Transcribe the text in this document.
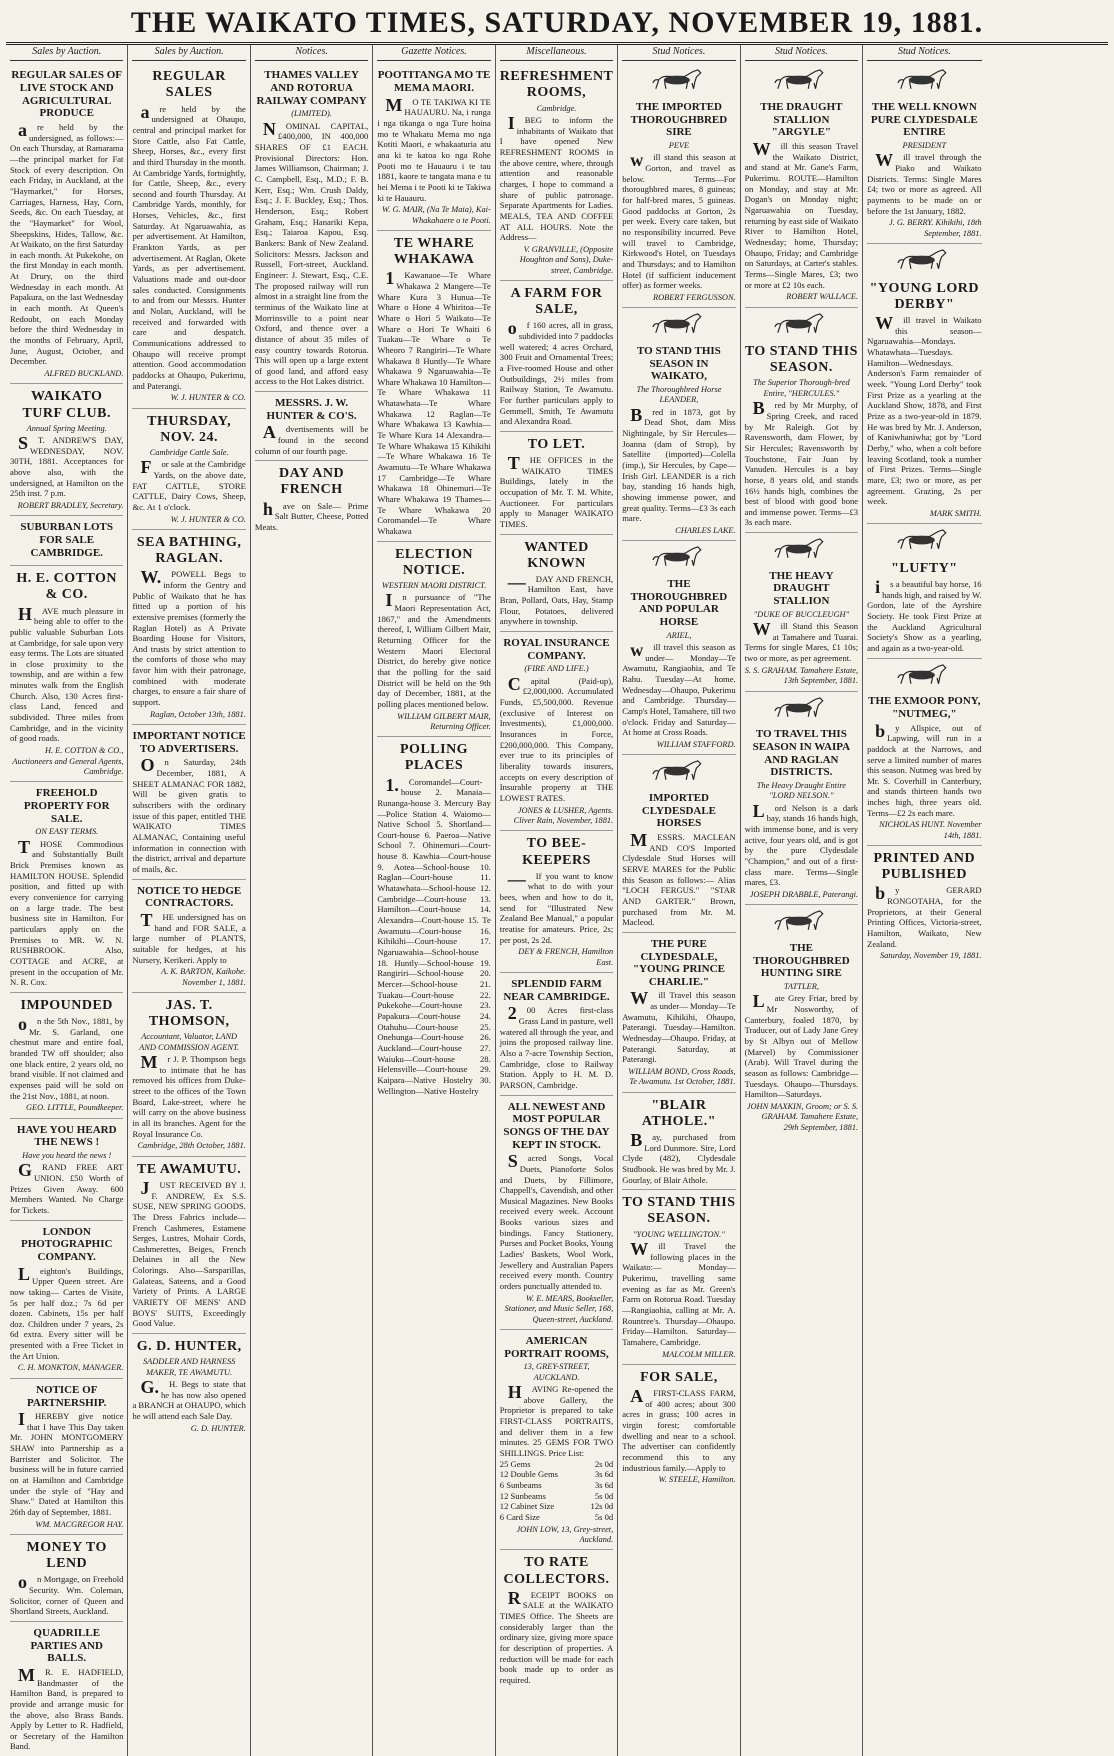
THE WAIKATO TIMES, SATURDAY, NOVEMBER 19, 1881.
Sales by Auction.
REGULAR SALES OF LIVE STOCK AND AGRICULTURAL PRODUCE
are held by the undersigned, as follows:— On each Thursday, at Ramarama—the principal market for Fat Stock of every description. On each Friday, in Auckland, at the "Haymarket," for Horses, Carriages, Harness, Hay, Corn, Seeds, &c. On each Tuesday, at the "Haymarket" for Wool, Sheepskins, Hides, Tallow, &c. At Waikato, on the first Saturday in each month. At Pukekohe, on the first Monday in each month. At Drury, on the third Wednesday in each month. At Papakura, on the last Wednesday in each month. At Queen's Redoubt, on each Monday before the third Wednesday in the months of February, April, June, August, October, and December.
ALFRED BUCKLAND.
WAIKATO TURF CLUB.
Annual Spring Meeting.
ST. ANDREW'S DAY, WEDNESDAY, NOV. 30TH, 1881. Acceptances for above also, with the undersigned, at Hamilton on the 25th inst. 7 p.m.
ROBERT BRADLEY, Secretary.
SUBURBAN LOTS FOR SALE CAMBRIDGE.
H. E. COTTON & CO.
HAVE much pleasure in being able to offer to the public valuable Suburban Lots at Cambridge, for sale upon very easy terms. The Lots are situated in close proximity to the township, and are within a few minutes walk from the English Church. Also, 130 Acres first-class Land, fenced and subdivided. Three miles from Cambridge, and in the vicinity of good roads.
H. E. COTTON & CO., Auctioneers and General Agents, Cambridge.
FREEHOLD PROPERTY FOR SALE.
ON EASY TERMS.
THOSE Commodious and Substantially Built Brick Premises known as HAMILTON HOUSE. Splendid position, and fitted up with every convenience for carrying on a large trade. The best business site in Hamilton. For particulars apply on the Premises to MR. W. N. RUSHBROOK. Also, COTTAGE and ACRE, at present in the occupation of Mr. N. R. Cox.
IMPOUNDED
on the 5th Nov., 1881, by Mr. S. Garland, one chestnut mare and entire foal, branded TW off shoulder; also one black entire, 2 years old, no brand visible. If not claimed and expenses paid will be sold on the 21st Nov., 1881, at noon.
GEO. LITTLE, Poundkeeper.
HAVE YOU HEARD THE NEWS !
Have you heard the news !
GRAND FREE ART UNION. £50 Worth of Prizes Given Away. 600 Members Wanted. No Charge for Tickets.
LONDON PHOTOGRAPHIC COMPANY.
Leighton's Buildings, Upper Queen street. Are now taking— Cartes de Visite, 5s per half doz.; 7s 6d per dozen. Cabinets, 15s per half doz. Children under 7 years, 2s 6d extra. Every sitter will be presented with a Free Ticket in the Art Union.
C. H. MONKTON, MANAGER.
NOTICE OF PARTNERSHIP.
IHEREBY give notice that I have This Day taken Mr. JOHN MONTGOMERY SHAW into Partnership as a Barrister and Solicitor. The business will be in future carried on at Hamilton and Cambridge under the style of "Hay and Shaw." Dated at Hamilton this 26th day of September, 1881.
WM. MACGREGOR HAY.
MONEY TO LEND
on Mortgage, on Freehold Security. Wm. Coleman, Solicitor, corner of Queen and Shortland Streets, Auckland.
QUADRILLE PARTIES AND BALLS.
MR. E. HADFIELD, Bandmaster of the Hamilton Band, is prepared to provide and arrange music for the above, also Brass Bands. Apply by Letter to R. Hadfield, or Secretary of the Hamilton Band.
Sales by Auction.
REGULAR SALES
are held by the undersigned at Ohaupo, central and principal market for Store Cattle, also Fat Cattle, Sheep, Horses, &c., every first and third Thursday in the month. At Cambridge Yards, fortnightly, for Cattle, Sheep, &c., every second and fourth Thursday. At Cambridge Yards, monthly, for Horses, Vehicles, &c., first Saturday. At Ngaruawahia, as per advertisement. At Hamilton, Frankton Yards, as per advertisement. At Raglan, Okete Yards, as per advertisement. Valuations made and out-door sales conducted. Consignments to and from our Messrs. Hunter and Nolan, Auckland, will be received and forwarded with care and despatch. Communications addressed to Ohaupo will receive prompt attention. Good accommodation paddocks at Ohaupo, Pukerimu, and Paterangi.
W. J. HUNTER & CO.
THURSDAY, NOV. 24.
Cambridge Cattle Sale.
For sale at the Cambridge Yards, on the above date, FAT CATTLE, STORE CATTLE, Dairy Cows, Sheep, &c. At 1 o'clock.
W. J. HUNTER & CO.
SEA BATHING, RAGLAN.
W.POWELL Begs to inform the Gentry and Public of Waikato that he has fitted up a portion of his extensive premises (formerly the Raglan Hotel) as A Private Boarding House for Visitors, And trusts by strict attention to the comforts of those who may favor him with their patronage, combined with moderate charges, to ensure a fair share of support.
Raglan, October 13th, 1881.
IMPORTANT NOTICE TO ADVERTISERS.
On Saturday, 24th December, 1881, A SHEET ALMANAC FOR 1882, Will be given gratis to subscribers with the ordinary issue of this paper, entitled THE WAIKATO TIMES ALMANAC, Containing useful information in connection with the district, arrival and departure of mails, &c.
NOTICE TO HEDGE CONTRACTORS.
THE undersigned has on hand and FOR SALE, a large number of PLANTS, suitable for hedges, at his Nursery, Kerikeri. Apply to
A. K. BARTON, Kaikohe. November 1, 1881.
JAS. T. THOMSON,
Accountant, Valuator, LAND AND COMMISSION AGENT.
Mr J. P. Thompson begs to intimate that he has removed his offices from Duke-street to the offices of the Town Board, Lake-street, where he will carry on the above business in all its branches. Agent for the Royal Insurance Co.
Cambridge, 28th October, 1881.
TE AWAMUTU.
JUST RECEIVED BY J. F. ANDREW, Ex S.S. SUSE, NEW SPRING GOODS. The Dress Fabrics include—French Cashmeres, Estamene Serges, Lustres, Mohair Cords, Cashmerettes, Beiges, French Delaines in all the New Colorings. Also—Sarsparillas, Galateas, Sateens, and a Good Variety of Prints. A LARGE VARIETY OF MENS' AND BOYS' SUITS, Exceedingly Good Value.
G. D. HUNTER,
SADDLER AND HARNESS MAKER, TE AWAMUTU.
G.H. Begs to state that he has now also opened a BRANCH at OHAUPO, which he will attend each Sale Day.
G. D. HUNTER.
Notices.
THAMES VALLEY AND ROTORUA RAILWAY COMPANY
(LIMITED).
NOMINAL CAPITAL, £400,000, IN 400,000 SHARES OF £1 EACH. Provisional Directors: Hon. James Williamson, Chairman; J. C. Campbell, Esq., M.D.; F. B. Kerr, Esq.; Wm. Crush Daldy, Esq.; J. F. Buckley, Esq.; Thos. Henderson, Esq.; Robert Graham, Esq.; Hanariki Kepa, Esq.; Taiaroa Kapou, Esq. Bankers: Bank of New Zealand. Solicitors: Messrs. Jackson and Russell, Fort-street, Auckland. Engineer: J. Stewart, Esq., C.E. The proposed railway will run almost in a straight line from the terminus of the Waikato line at Morrinsville to a point near Oxford, and thence over a distance of about 35 miles of easy country towards Rotorua. This will open up a large extent of good land, and afford easy access to the Hot Lakes district.
MESSRS. J. W. HUNTER & CO'S.
Advertisements will be found in the second column of our fourth page.
DAY AND FRENCH
have on Sale— Prime Salt Butter, Cheese, Potted Meats.
Gazette Notices.
POOTITANGA MO TE MEMA MAORI.
MO TE TAKIWA KI TE HAUAURU. Na, i runga i nga tikanga o nga Ture hoina mo te Whakatu Mema mo nga Kotiti Maori, e whakaaturia atu ana ki te katoa ko nga Rohe Pooti mo te Hauauru i te tau 1881, kaore te tangata mana e tu hei Mema i te Pooti ki te Takiwa ki te Hauauru.
W. G. MAIR, (Na Te Maia), Kai-Whakahaere o te Pooti.
TE WHARE WHAKAWA
1Kawanaoe—Te Whare Whakawa 2 Mangere—Te Whare Kura 3 Hunua—Te Whare o Hone 4 Whiritoa—Te Whare o Hori 5 Waikato—Te Whare o Hori Te Whaiti 6 Tuakau—Te Whare o Te Wheoro 7 Rangiriri—Te Whare Whakawa 8 Huntly—Te Whare Whakawa 9 Ngaruawahia—Te Whare Whakawa 10 Hamilton—Te Whare Whakawa 11 Whatawhata—Te Whare Whakawa 12 Raglan—Te Whare Whakawa 13 Kawhia—Te Whare Kura 14 Alexandra—Te Whare Whakawa 15 Kihikihi—Te Whare Whakawa 16 Te Awamutu—Te Whare Whakawa 17 Cambridge—Te Whare Whakawa 18 Ohinemuri—Te Whare Whakawa 19 Thames—Te Whare Whakawa 20 Coromandel—Te Whare Whakawa
ELECTION NOTICE.
WESTERN MAORI DISTRICT.
In pursuance of "The Maori Representation Act, 1867," and the Amendments thereof, I, William Gilbert Mair, Returning Officer for the Western Maori Electoral District, do hereby give notice that the polling for the said District will be held on the 9th day of December, 1881, at the polling places mentioned below.
WILLIAM GILBERT MAIR, Returning Officer.
POLLING PLACES
1.Coromandel—Court-house 2. Manaia—Runanga-house 3. Mercury Bay—Police Station 4. Waiomo—Native School 5. Shortland—Court-house 6. Paeroa—Native School 7. Ohinemuri—Court-house 8. Kawhia—Court-house 9. Aotea—School-house 10. Raglan—Court-house 11. Whatawhata—School-house 12. Cambridge—Court-house 13. Hamilton—Court-house 14. Alexandra—Court-house 15. Te Awamutu—Court-house 16. Kihikihi—Court-house 17. Ngaruawahia—School-house 18. Huntly—School-house 19. Rangiriri—School-house 20. Mercer—School-house 21. Tuakau—Court-house 22. Pukekohe—Court-house 23. Papakura—Court-house 24. Otahuhu—Court-house 25. Onehunga—Court-house 26. Auckland—Court-house 27. Waiuku—Court-house 28. Helensville—Court-house 29. Kaipara—Native Hostelry 30. Wellington—Native Hostelry
Miscellaneous.
REFRESHMENT ROOMS,
Cambridge.
IBEG to inform the inhabitants of Waikato that I have opened New REFRESHMENT ROOMS in the above centre, where, through attention and reasonable charges, I hope to command a share of public patronage. Separate Apartments for Ladies. MEALS, TEA AND COFFEE AT ALL HOURS. Note the Address—
V. GRANVILLE, (Opposite Houghton and Sons), Duke-street, Cambridge.
A FARM FOR SALE,
of 160 acres, all in grass, subdivided into 7 paddocks well watered; 4 acres Orchard, 300 Fruit and Ornamental Trees; a Five-roomed House and other Outbuildings, 2½ miles from Railway Station, Te Awamutu. For further particulars apply to Gemmell, Smith, Te Awamutu and Alexandra Road.
TO LET.
THE OFFICES in the WAIKATO TIMES Buildings, lately in the occupation of Mr. T. M. White, Auctioneer. For particulars apply to Manager WAIKATO TIMES.
WANTED KNOWN
—DAY AND FRENCH, Hamilton East, have Bran, Pollard, Oats, Hay, Stamp Flour, Potatoes, delivered anywhere in township.
ROYAL INSURANCE COMPANY.
(FIRE AND LIFE.)
Capital (Paid-up), £2,000,000. Accumulated Funds, £5,500,000. Revenue (exclusive of Interest on Investments), £1,000,000. Insurances in Force, £200,000,000. This Company, ever true to its principles of liberality towards insurers, accepts on every description of Insurable property at THE LOWEST RATES.
JONES & LUSHER, Agents. Cliver Rain, November, 1881.
TO BEE-KEEPERS
—If you want to know what to do with your bees, when and how to do it, send for "Illustrated New Zealand Bee Manual," a popular treatise for amateurs. Price, 2s; per post, 2s 2d.
DEY & FRENCH, Hamilton East.
SPLENDID FARM NEAR CAMBRIDGE.
200 Acres first-class Grass Land in pasture, well watered all through the year, and joins the proposed railway line. Also a 7-acre Township Section, Cambridge, close to Railway Station. Apply to H. M. D. PARSON, Cambridge.
ALL NEWEST AND MOST POPULAR SONGS OF THE DAY KEPT IN STOCK.
Sacred Songs, Vocal Duets, Pianoforte Solos and Duets, by Fillimore, Chappell's, Cavendish, and other Musical Magazines. New Books received every week. Account Books various sizes and bindings. Fancy Stationery, Purses and Pocket Books, Young Ladies' Baskets, Wool Work, Jewellery and Australian Papers received every month. Country orders punctually attended to.
W. E. MEARS, Bookseller, Stationer, and Music Seller, 168, Queen-street, Auckland.
AMERICAN PORTRAIT ROOMS,
13, GREY-STREET, AUCKLAND.
HAVING Re-opened the above Gallery, the Proprietor is prepared to take FIRST-CLASS PORTRAITS, and deliver them in a few minutes. 25 GEMS FOR TWO SHILLINGS. Price List:
25 Gems	2s 0d
12 Double Gems	3s 6d
6 Sunbeams	3s 6d
12 Sunbeams	5s 0d
12 Cabinet Size	12s 0d
6 Card Size	5s 0d
JOHN LOW, 13, Grey-street, Auckland.
TO RATE COLLECTORS.
RECEIPT BOOKS on SALE at the WAIKATO TIMES Office. The Sheets are considerably larger than the ordinary size, giving more space for description of properties. A reduction will be made for each book made up to order as required.
Stud Notices.
THE IMPORTED THOROUGHBRED SIRE
PEVE
will stand this season at Gorton, and travel as below. Terms—For thoroughbred mares, 8 guineas; for half-bred mares, 5 guineas. Good paddocks at Gorton, 2s per week. Every care taken, but no responsibility incurred. Peve will travel to Cambridge, Kirkwood's Hotel, on Tuesdays and Thursdays; and to Hamilton Hotel (if sufficient inducement offer) as former weeks.
ROBERT FERGUSSON.
TO STAND THIS SEASON IN WAIKATO,
The Thoroughbred Horse LEANDER,
Bred in 1873, got by Dead Shot, dam Miss Nightingale, by Sir Hercules—Joanna (dam of Strop), by Satellite (imported)—Colella (imp.), Sir Hercules, by Cape—Irish Girl. LEANDER is a rich bay, standing 16 hands high, showing immense power, and great quality. Terms—£3 3s each mare.
CHARLES LAKE.
THE THOROUGHBRED AND POPULAR HORSE
ARIEL,
will travel this season as under— Monday—Te Awamutu, Rangiaohia, and Te Rahu. Tuesday—At home. Wednesday—Ohaupo, Pukerimu and Cambridge. Thursday—Camp's Hotel, Tamahere, till two o'clock. Friday and Saturday—At home at Cross Roads.
WILLIAM STAFFORD.
IMPORTED CLYDESDALE HORSES
MESSRS. MACLEAN AND CO'S Imported Clydesdale Stud Horses will SERVE MARES for the Public this Season as follows:— Alias "LOCH FERGUS." "STAR AND GARTER." Brown, purchased from Mr. M. Macleod.
THE PURE CLYDESDALE, "YOUNG PRINCE CHARLIE."
Will Travel this season as under— Monday—Te Awamutu, Kihikihi, Ohaupo, Paterangi. Tuesday—Hamilton. Wednesday—Ohaupo. Friday, at Paterangi. Saturday, at Paterangi.
WILLIAM BOND, Cross Roads, Te Awamutu. 1st October, 1881.
"BLAIR ATHOLE."
Bay, purchased from Lord Dunmore. Sire, Lord Clyde (482), Clydesdale Studbook. He was bred by Mr. J. Gourlay, of Blair Athole.
TO STAND THIS SEASON.
"YOUNG WELLINGTON."
Will Travel the following places in the Waikato:— Monday—Pukerimu, travelling same evening as far as Mr. Green's Farm on Rotorua Road. Tuesday—Rangiaohia, calling at Mr. A. Rountree's. Thursday—Ohaupo. Friday—Hamilton. Saturday—Tamahere, Cambridge.
MALCOLM MILLER.
FOR SALE,
AFIRST-CLASS FARM, of 400 acres; about 300 acres in grass; 100 acres in virgin forest; comfortable dwelling and near to a school. The advertiser can confidently recommend this to any industrious family.—Apply to
W. STEELE, Hamilton.
Stud Notices.
THE DRAUGHT STALLION "ARGYLE"
Will this season Travel the Waikato District, and stand at Mr. Gane's Farm, Pukerimu. ROUTE—Hamilton on Monday, and stay at Mr. Dogan's on Monday night; Ngaruawahia on Tuesday, returning by east side of Waikato River to Hamilton Hotel, Wednesday; home, Thursday; Ohaupo, Friday; and Cambridge on Saturdays, at Carter's stables. Terms—Single Mares, £3; two or more at £2 10s each.
ROBERT WALLACE.
TO STAND THIS SEASON.
The Superior Thorough-bred Entire, "HERCULES."
Bred by Mr Murphy, of Spring Creek, and raced by Mr Raleigh. Got by Ravensworth, dam Flower, by Sir Hercules; Ravensworth by Touchstone, Fair Juan by Vanuden. Hercules is a bay horse, 8 years old, and stands 16½ hands high, combines the best of blood with good bone and immense power. Terms—£3 3s each mare.
THE HEAVY DRAUGHT STALLION
"DUKE OF BUCCLEUGH"
Will Stand this Season at Tamahere and Tuarai. Terms for single Mares, £1 10s; two or more, as per agreement.
S. S. GRAHAM. Tamahere Estate, 13th September, 1881.
TO TRAVEL THIS SEASON IN WAIPA AND RAGLAN DISTRICTS.
The Heavy Draught Entire "LORD NELSON."
Lord Nelson is a dark bay, stands 16 hands high, with immense bone, and is very active, four years old, and is got by the pure Clydesdale "Champion," and out of a first-class mare. Terms—Single mares, £3.
JOSEPH DRABBLE, Paterangi.
THE THOROUGHBRED HUNTING SIRE
TATTLER,
Late Grey Friar, bred by Mr Nosworthy, of Canterbury, foaled 1870, by Traducer, out of Lady Jane Grey by St Albyn out of Mellow (Marvel) by Commissioner (Arab). Will Travel during the season as follows: Cambridge—Tuesdays. Ohaupo—Thursdays. Hamilton—Saturdays.
JOHN MAXKIN, Groom; or S. S. GRAHAM. Tamahere Estate, 29th September, 1881.
Stud Notices.
THE WELL KNOWN PURE CLYDESDALE ENTIRE
PRESIDENT
Will travel through the Piako and Waikato Districts. Terms: Single Mares £4; two or more as agreed. All payments to be made on or before the 1st January, 1882.
J. G. BERRY. Kihikihi, 18th September, 1881.
"YOUNG LORD DERBY"
Will travel in Waikato this season— Ngaruawahia—Mondays. Whatawhata—Tuesdays. Hamilton—Wednesdays. Anderson's Farm remainder of week. "Young Lord Derby" took First Prize as a yearling at the Auckland Show, 1878, and First Prize as a two-year-old in 1879. He was bred by Mr. J. Anderson, of Kaniwhaniwha; got by "Lord Derby," who, when a colt before leaving Scotland, took a number of First Prizes. Terms—Single mare, £3; two or more, as per agreement. Grazing, 2s per week.
MARK SMITH.
"LUFTY"
is a beautiful bay horse, 16 hands high, and raised by W. Gordon, late of the Ayrshire Society. He took First Prize at the Auckland Agricultural Society's Show as a yearling, and again as a two-year-old.
THE EXMOOR PONY, "NUTMEG,"
by Allspice, out of Lapwing, will run in a paddock at the Narrows, and serve a limited number of mares this season. Nutmeg was bred by Mr. S. Coverhill in Canterbury, and stands thirteen hands two inches high, three years old. Terms—£2 2s each mare.
NICHOLAS HUNT. November 14th, 1881.
PRINTED AND PUBLISHED
by GERARD RONGOTAHA, for the Proprietors, at their General Printing Offices, Victoria-street, Hamilton, Waikato, New Zealand.
Saturday, November 19, 1881.
